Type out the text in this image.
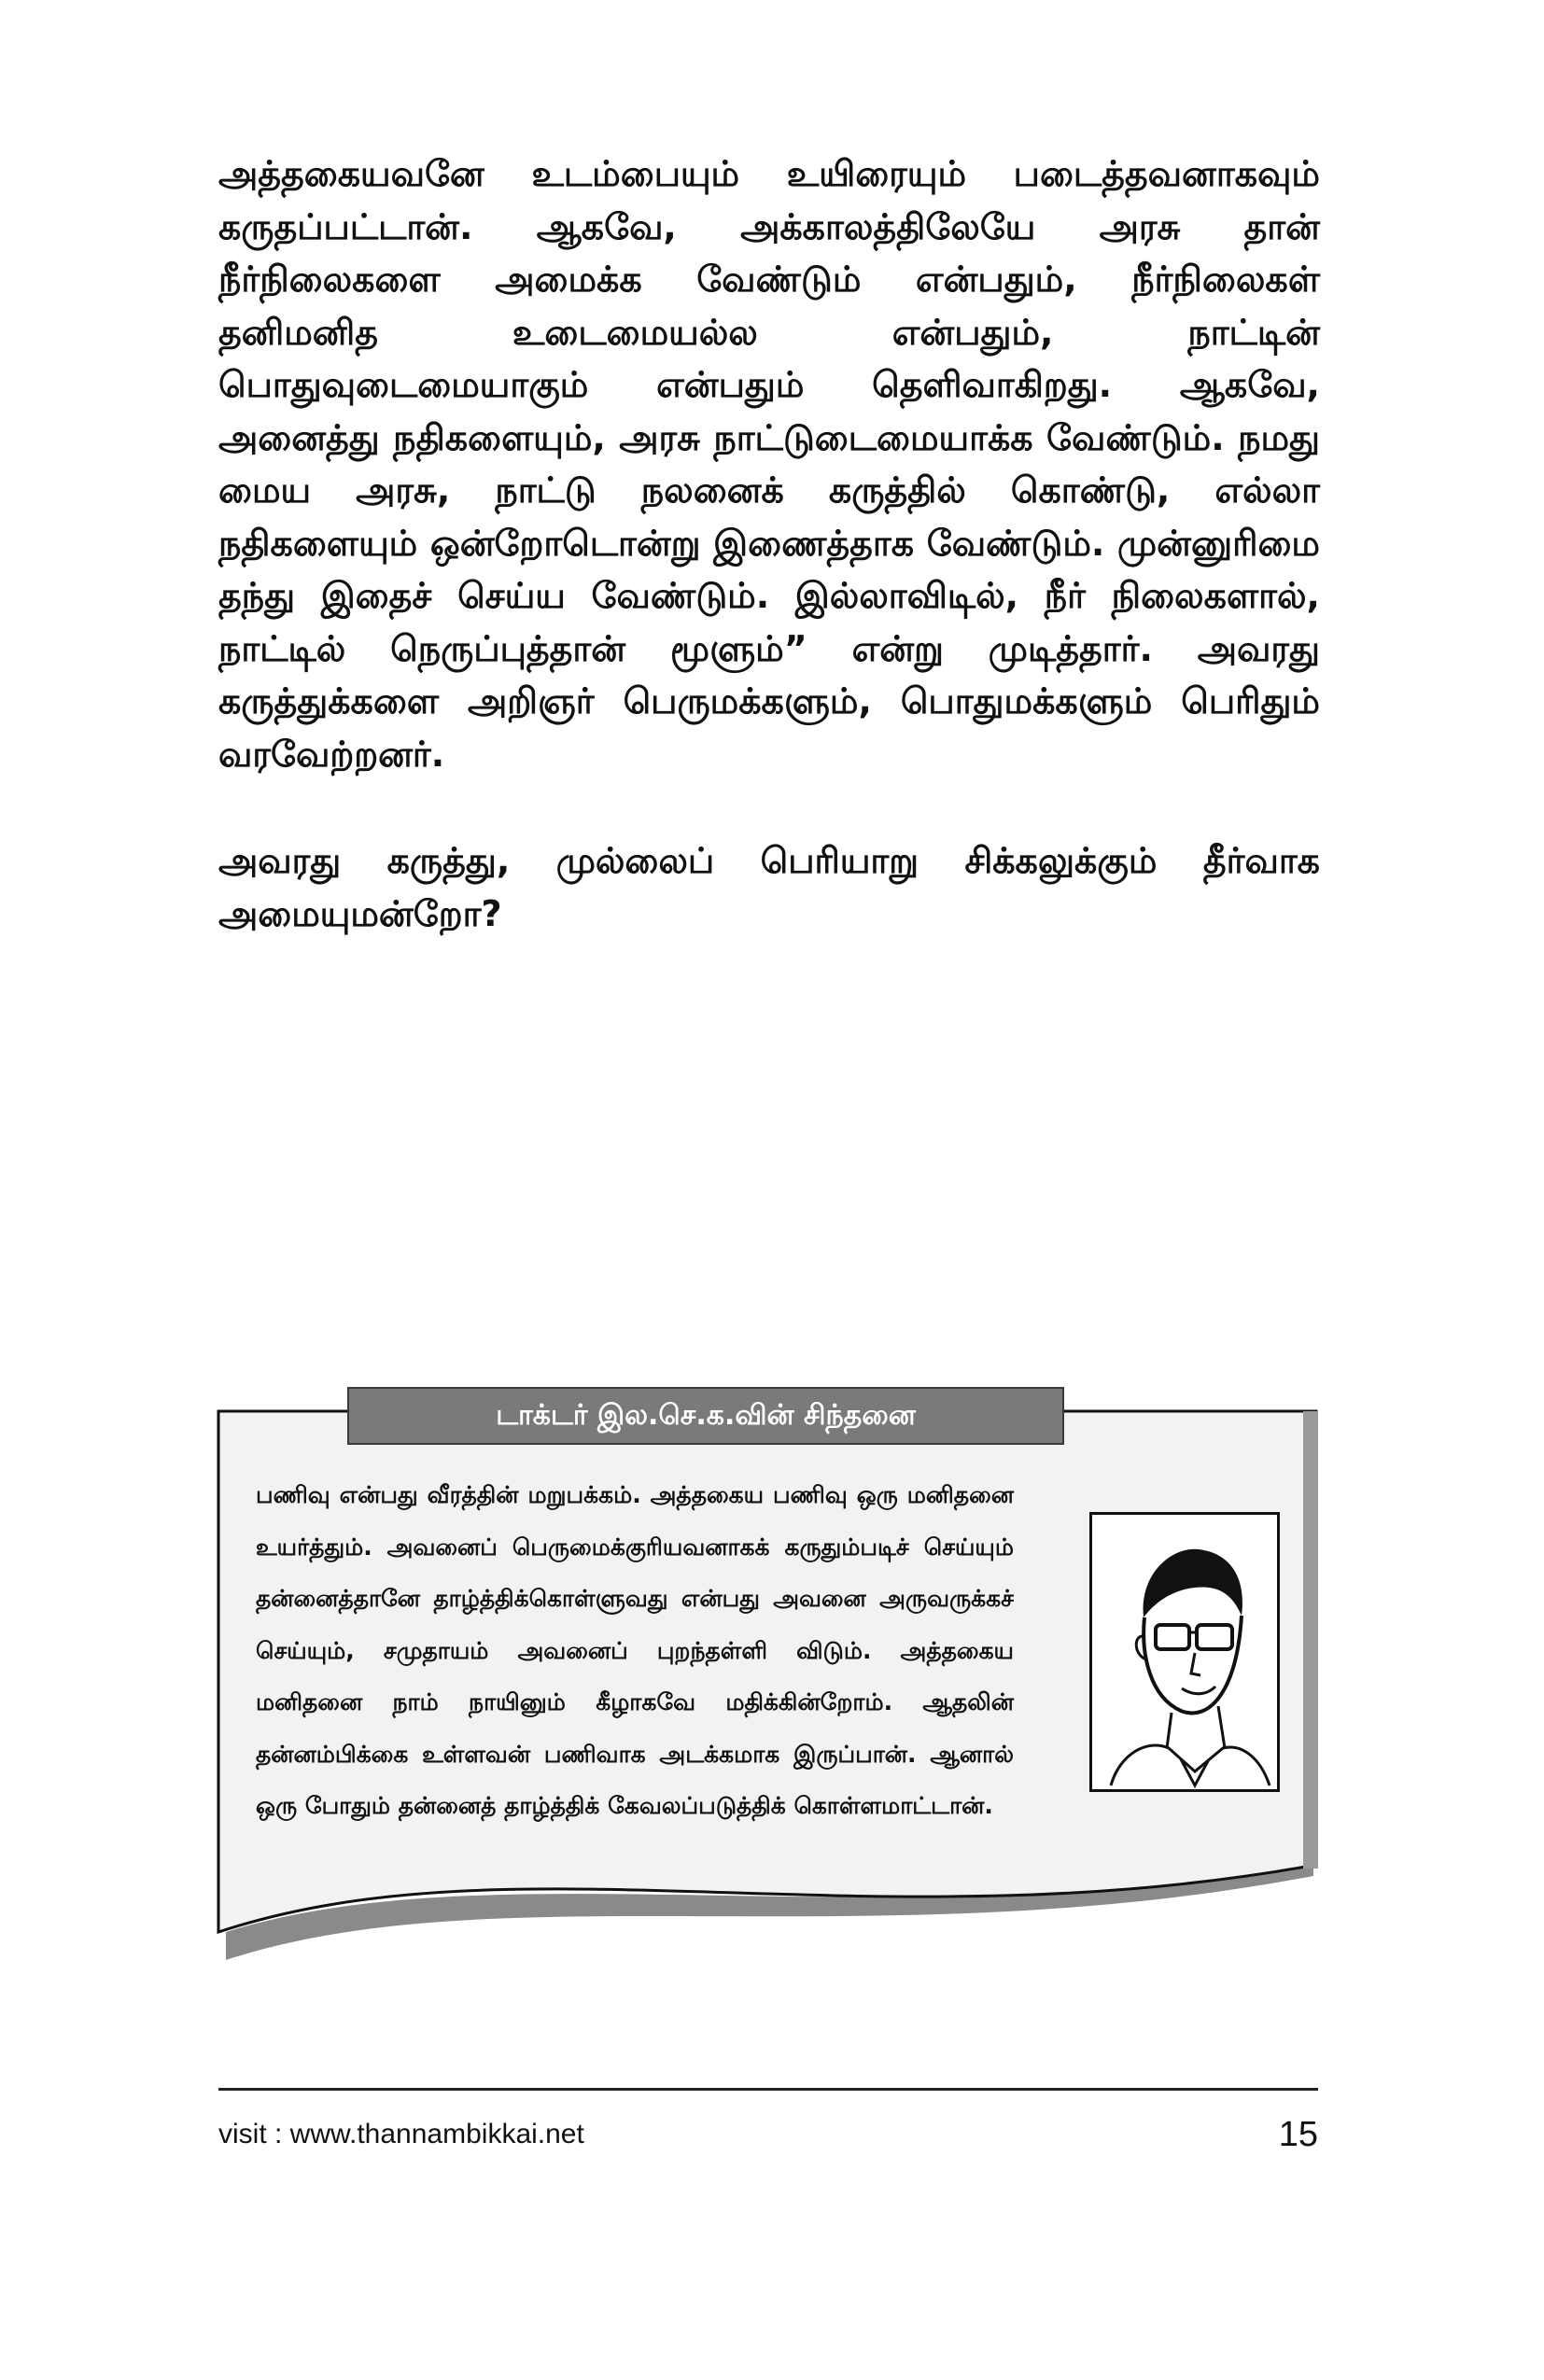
அத்தகையவனே உடம்பையும் உயிரையும் படைத்தவனாகவும் கருதப்பட்டான். ஆகவே, அக்காலத்திலேயே அரசு தான் நீர்நிலைகளை அமைக்க வேண்டும் என்பதும், நீர்நிலைகள் தனிமனித உடைமையல்ல என்பதும், நாட்டின் பொதுவுடைமையாகும் என்பதும் தெளிவாகிறது. ஆகவே, அனைத்து நதிகளையும், அரசு நாட்டுடைமையாக்க வேண்டும். நமது மைய அரசு, நாட்டு நலனைக் கருத்தில் கொண்டு, எல்லா நதிகளையும் ஒன்றோடொன்று இணைத்தாக வேண்டும். முன்னுரிமை தந்து இதைச் செய்ய வேண்டும். இல்லாவிடில், நீர் நிலைகளால், நாட்டில் நெருப்புத்தான் மூளும்” என்று முடித்தார். அவரது கருத்துக்களை அறிஞர் பெருமக்களும், பொதுமக்களும் பெரிதும் வரவேற்றனர்.

அவரது கருத்து, முல்லைப் பெரியாறு சிக்கலுக்கும் தீர்வாக அமையுமன்றோ?

டாக்டர் இல.செ.க.வின் சிந்தனை
பணிவு என்பது வீரத்தின் மறுபக்கம். அத்தகைய பணிவு ஒரு மனிதனை உயர்த்தும். அவனைப் பெருமைக்குரியவனாகக் கருதும்படிச் செய்யும் தன்னைத்தானே தாழ்த்திக்கொள்ளுவது என்பது அவனை அருவருக்கச் செய்யும், சமுதாயம் அவனைப் புறந்தள்ளி விடும். அத்தகைய மனிதனை நாம் நாயினும் கீழாகவே மதிக்கின்றோம். ஆதலின் தன்னம்பிக்கை உள்ளவன் பணிவாக அடக்கமாக இருப்பான். ஆனால் ஒரு போதும் தன்னைத் தாழ்த்திக் கேவலப்படுத்திக் கொள்ளமாட்டான்.
visit : www.thannambikkai.net	15
